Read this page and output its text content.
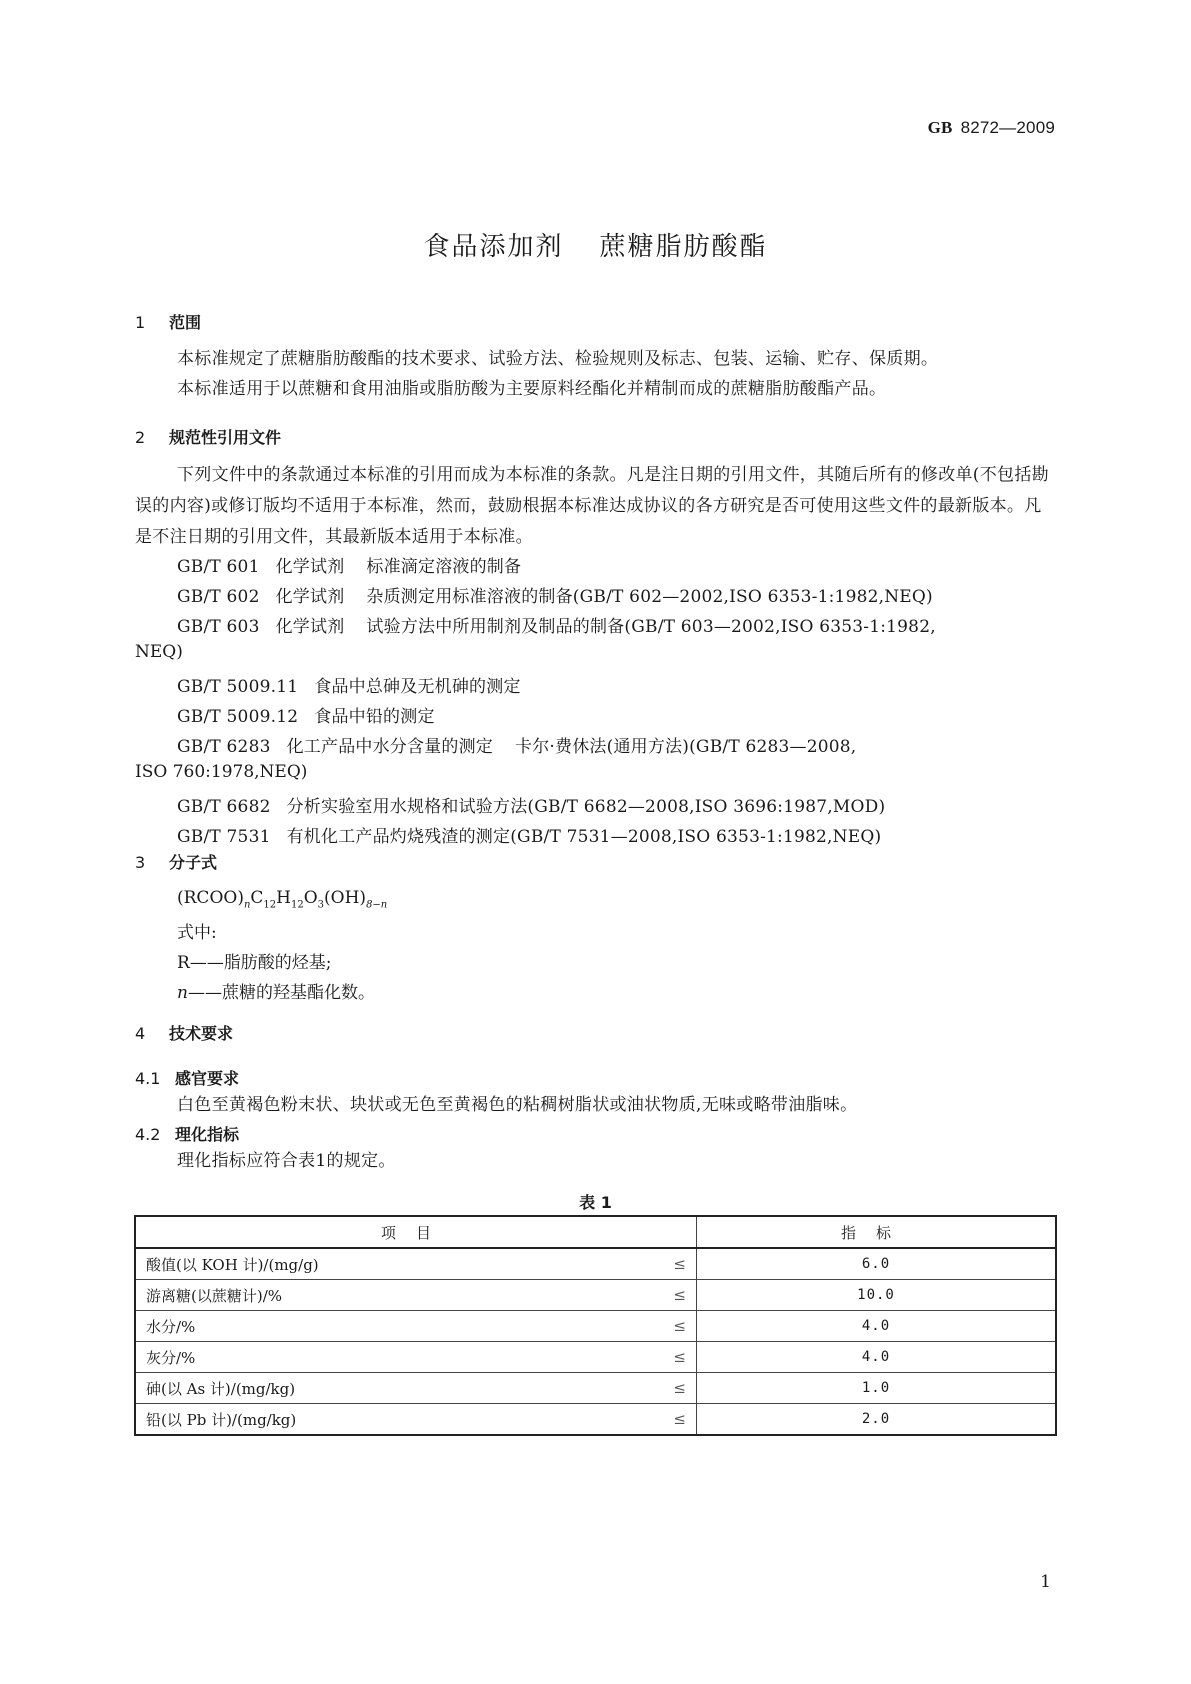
GB 8272—2009
食品添加剂 蔗糖脂肪酸酯
1 范围
本标准规定了蔗糖脂肪酸酯的技术要求、试验方法、检验规则及标志、包装、运输、贮存、保质期。
本标准适用于以蔗糖和食用油脂或脂肪酸为主要原料经酯化并精制而成的蔗糖脂肪酸酯产品。
2 规范性引用文件
下列文件中的条款通过本标准的引用而成为本标准的条款。凡是注日期的引用文件，其随后所有的修改单(不包括勘误的内容)或修订版均不适用于本标准，然而，鼓励根据本标准达成协议的各方研究是否可使用这些文件的最新版本。凡是不注日期的引用文件，其最新版本适用于本标准。
GB/T 601 化学试剂 标准滴定溶液的制备
GB/T 602 化学试剂 杂质测定用标准溶液的制备(GB/T 602—2002,ISO 6353-1:1982,NEQ)
GB/T 603 化学试剂 试验方法中所用制剂及制品的制备(GB/T 603—2002,ISO 6353-1:1982,
NEQ)
GB/T 5009.11 食品中总砷及无机砷的测定
GB/T 5009.12 食品中铅的测定
GB/T 6283 化工产品中水分含量的测定 卡尔·费休法(通用方法)(GB/T 6283—2008,
ISO 760:1978,NEQ)
GB/T 6682 分析实验室用水规格和试验方法(GB/T 6682—2008,ISO 3696:1987,MOD)
GB/T 7531 有机化工产品灼烧残渣的测定(GB/T 7531—2008,ISO 6353-1:1982,NEQ)
3 分子式
$(RCOO)_nC_{12}H_{12}O_3(OH)_{8-n}$
式中:
R——脂肪酸的烃基;
n——蔗糖的羟基酯化数。
4 技术要求
4.1 感官要求
白色至黄褐色粉末状、块状或无色至黄褐色的粘稠树脂状或油状物质,无味或略带油脂味。
4.2 理化指标
理化指标应符合表1的规定。
表 1
项目		指标
酸值(以 KOH 计)/(mg/g)	≤	6.0
游离糖(以蔗糖计)/%	≤	10.0
水分/%	≤	4.0
灰分/%	≤	4.0
砷(以 As 计)/(mg/kg)	≤	1.0
铅(以 Pb 计)/(mg/kg)	≤	2.0
1
